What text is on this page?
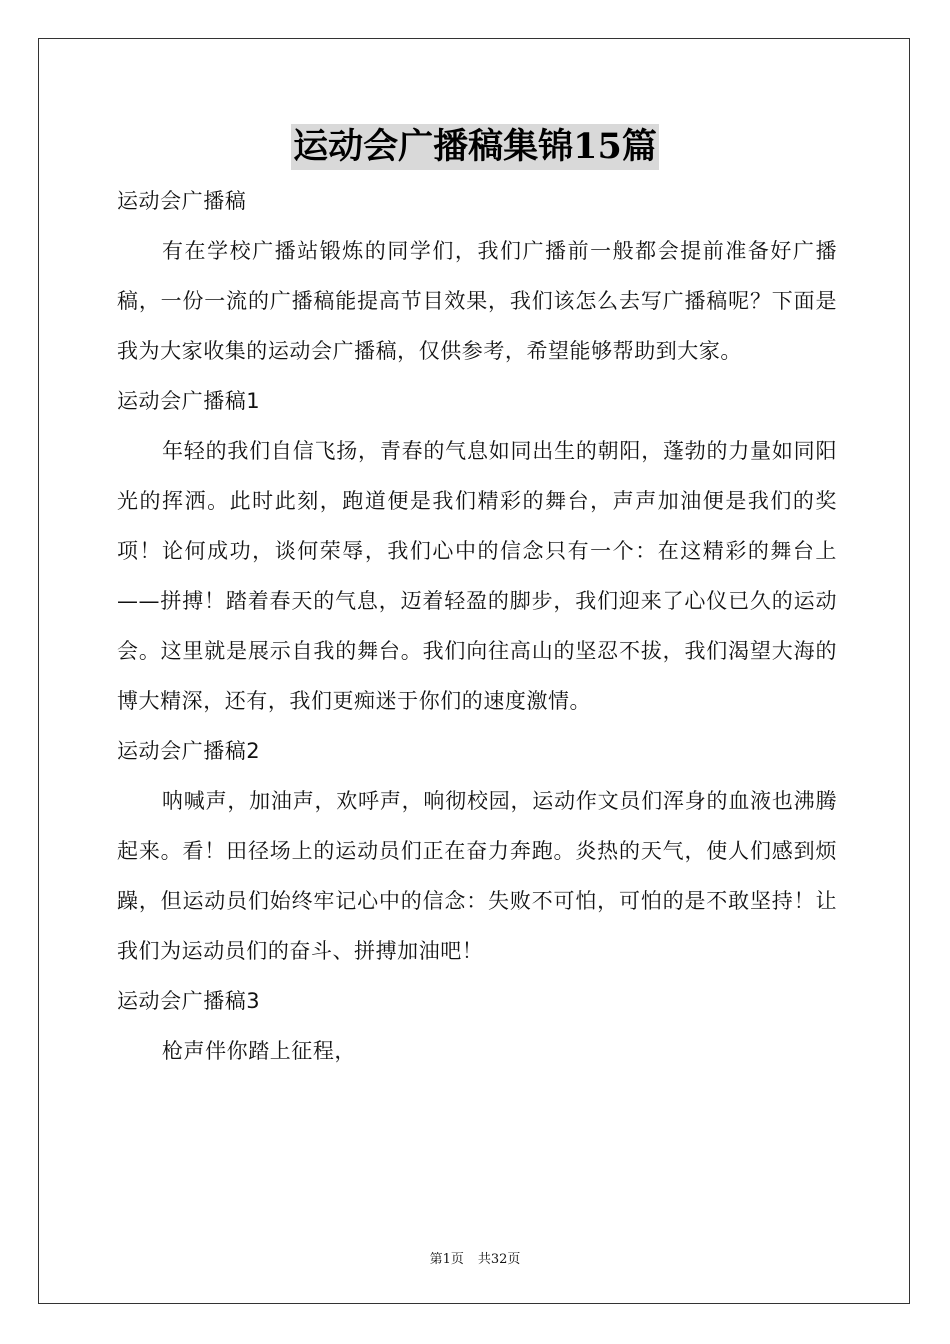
运动会广播稿集锦15篇

运动会广播稿

有在学校广播站锻炼的同学们，我们广播前一般都会提前准备好广播稿，一份一流的广播稿能提高节目效果，我们该怎么去写广播稿呢？下面是我为大家收集的运动会广播稿，仅供参考，希望能够帮助到大家。

运动会广播稿1

年轻的我们自信飞扬，青春的气息如同出生的朝阳，蓬勃的力量如同阳光的挥洒。此时此刻，跑道便是我们精彩的舞台，声声加油便是我们的奖项！论何成功，谈何荣辱，我们心中的信念只有一个：在这精彩的舞台上——拼搏！踏着春天的气息，迈着轻盈的脚步，我们迎来了心仪已久的运动会。这里就是展示自我的舞台。我们向往高山的坚忍不拔，我们渴望大海的博大精深，还有，我们更痴迷于你们的速度激情。

运动会广播稿2

呐喊声，加油声，欢呼声，响彻校园，运动作文员们浑身的血液也沸腾起来。看！田径场上的运动员们正在奋力奔跑。炎热的天气，使人们感到烦躁，但运动员们始终牢记心中的信念：失败不可怕，可怕的是不敢坚持！让我们为运动员们的奋斗、拼搏加油吧！

运动会广播稿3

枪声伴你踏上征程，

第1页 共32页
